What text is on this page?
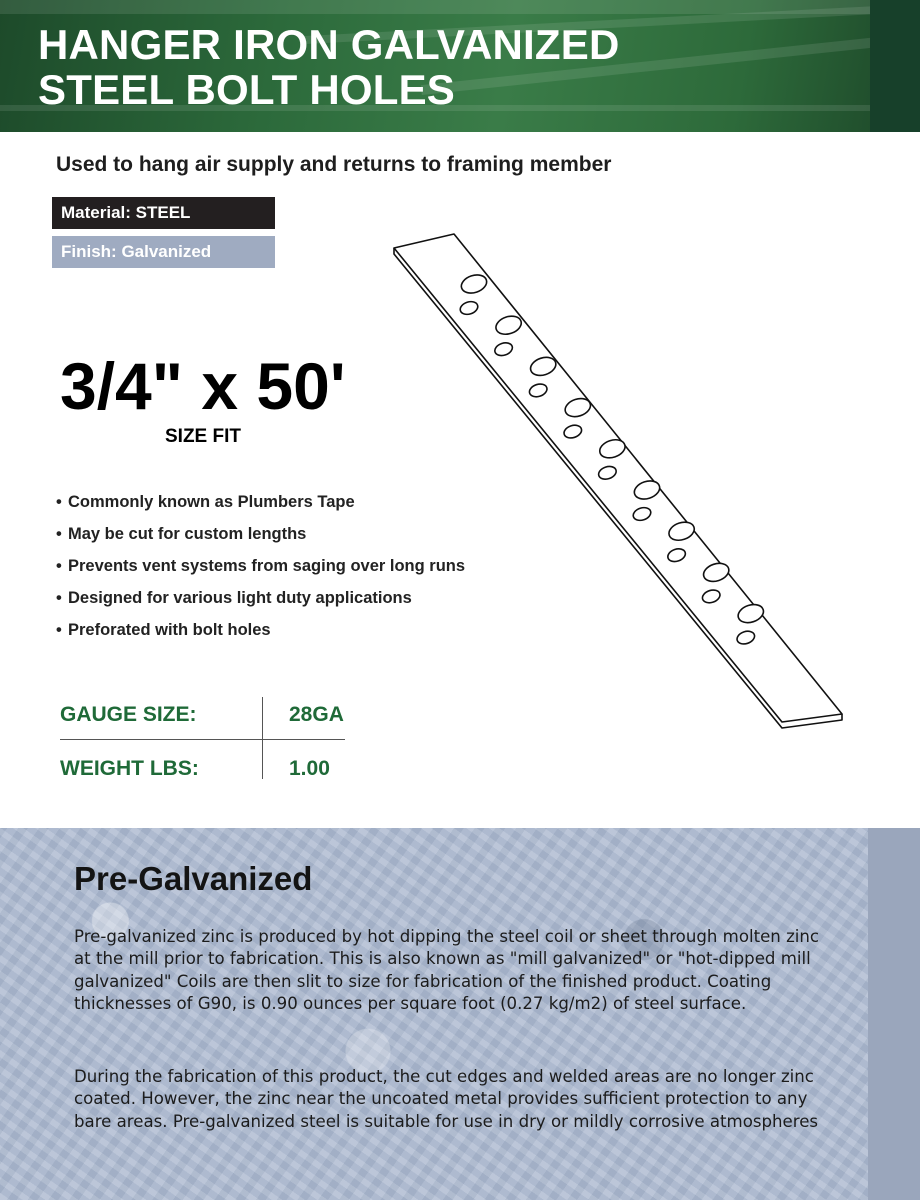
HANGER IRON GALVANIZED
STEEL BOLT HOLES
Used to hang air supply and returns to framing member
Material: STEEL
Finish: Galvanized
3/4" x 50'
SIZE FIT
• Commonly known as Plumbers Tape
• May be cut for custom lengths
• Prevents vent systems from saging over long runs
• Designed for various light duty applications
• Preforated with bolt holes
GAUGE SIZE:	28GA
WEIGHT LBS:	1.00
Pre-Galvanized

Pre-galvanized zinc is produced by hot dipping the steel coil or sheet through molten zinc at the mill prior to fabrication. This is also known as "mill galvanized" or "hot-dipped mill galvanized" Coils are then slit to size for fabrication of the finished product. Coating thicknesses of G90, is 0.90 ounces per square foot (0.27 kg/m2) of steel surface.

During the fabrication of this product, the cut edges and welded areas are no longer zinc coated. However, the zinc near the uncoated metal provides sufficient protection to any bare areas. Pre-galvanized steel is suitable for use in dry or mildly corrosive atmospheres
